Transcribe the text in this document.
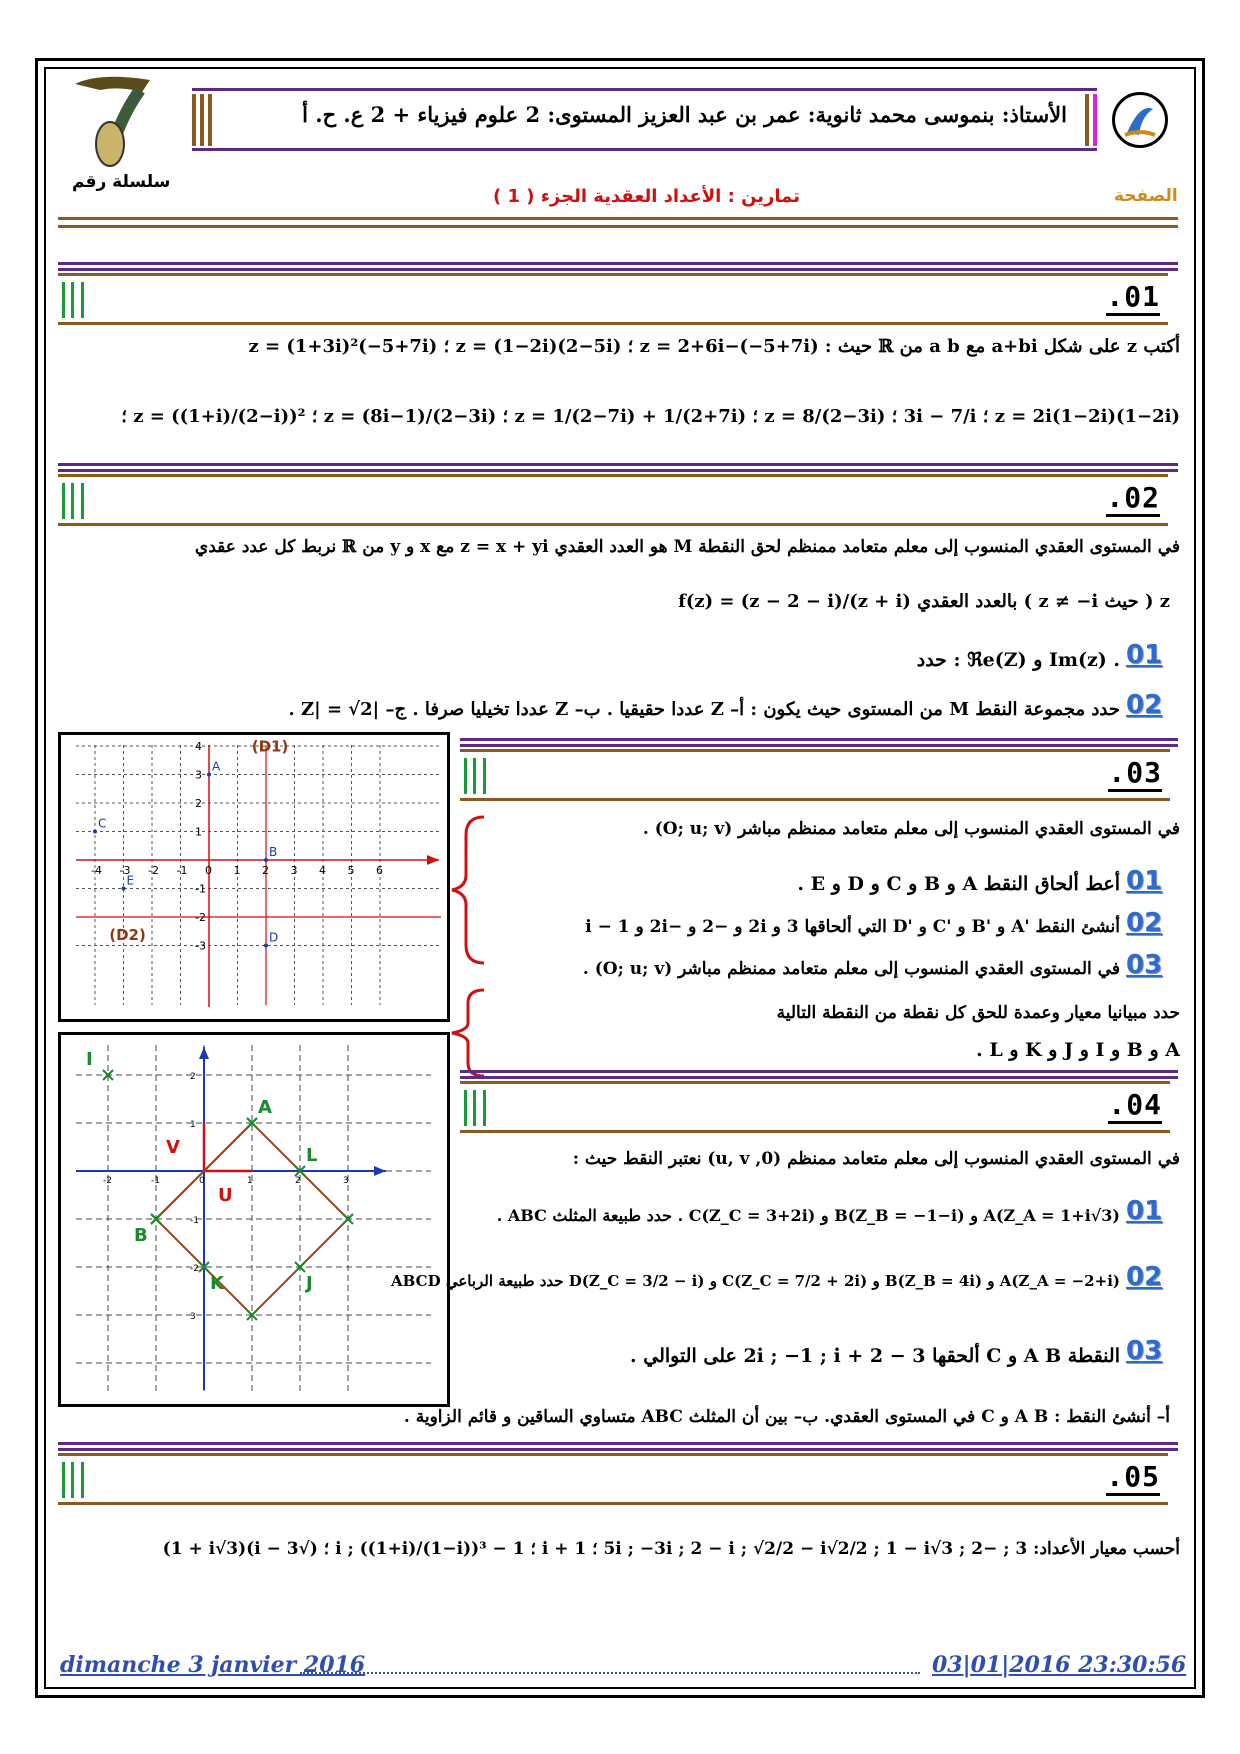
سلسلة رقم
الأستاذ: بنموسى محمد ثانوية: عمر بن عبد العزيز المستوى: 2 علوم فيزياء + 2 ع. ح. أ
الصفحة
تمارين : الأعداد العقدية الجزء ( 1 )
.01
أكتب z على شكل a+bi مع a b من ℝ حيث : z = 2+6i−(−5+7i) ؛ z = (1−2i)(2−5i) ؛ z = (1+3i)²(−5+7i)
z = 2i(1−2i)(1−2i) ؛ 3i − 7/i ؛ z = 8/(2−3i) ؛ z = 1/(2−7i) + 1/(2+7i) ؛ z = (8i−1)/(2−3i) ؛ z = ((1+i)/(2−i))² ؛
.02
في المستوى العقدي المنسوب إلى معلم متعامد ممنظم لحق النقطة M هو العدد العقدي z = x + yi مع x و y من ℝ نربط كل عدد عقدي
z ( حيث z ≠ −i ) بالعدد العقدي f(z) = (z − 2 − i)/(z + i)
01
. Im(z) و ℜe(Z) : حدد
02
حدد مجموعة النقط M من المستوى حيث يكون : أ– Z عددا حقيقيا . ب– Z عددا تخيليا صرفا . ج– |Z| = √2 .
-4 -3 -2 -1 0 1 2 3 4 5 6
4
3
2
1
-1
-2
-3
A
B
C
D
E
(D1)
(D2)
.03
في المستوى العقدي المنسوب إلى معلم متعامد ممنظم مباشر (O; u; v) .
01
أعط ألحاق النقط A و B و C و D و E .
02
أنشئ النقط 'A و 'B و 'C و 'D التي ألحاقها 3 و 2i و −2 و −2i و 1 − i
03
في المستوى العقدي المنسوب إلى معلم متعامد ممنظم مباشر (O; u; v) .
حدد مبيانيا معيار وعمدة للحق كل نقطة من النقطة التالية
A و B و I و J و K و L .
A
L
B
K	J
I
-2	-1	0	1	2	3
2
1
-1
-2
3
V
U
.04
في المستوى العقدي المنسوب إلى معلم متعامد ممنظم (0, u, v) نعتبر النقط حيث :
01
A(Z_A = 1+i√3) و B(Z_B = −1−i) و C(Z_C = 3+2i) . حدد طبيعة المثلث ABC .
02
A(Z_A = −2+i) و B(Z_B = 4i) و C(Z_C = 7/2 + 2i) و D(Z_C = 3/2 − i) حدد طبيعة الرباعي ABCD
03
النقطة A B و C ألحقها 3 − 2i ; −1 ; i + 2 على التوالي .
أ– أنشئ النقط : A B و C في المستوى العقدي. ب– بين أن المثلث ABC متساوي الساقين و قائم الزاوية .
.05
أحسب معيار الأعداد: 3 ; −2 ; 5i ; −3i ; 2 − i ; √2/2 − i√2/2 ; 1 − i√3 ؛ 1 + i ؛ 1 − i ; ((1+i)/(1−i))³ ؛ (√3 − i)(1 + i√3)
dimanche 3 janvier 2016	03|01|2016 23:30:56
